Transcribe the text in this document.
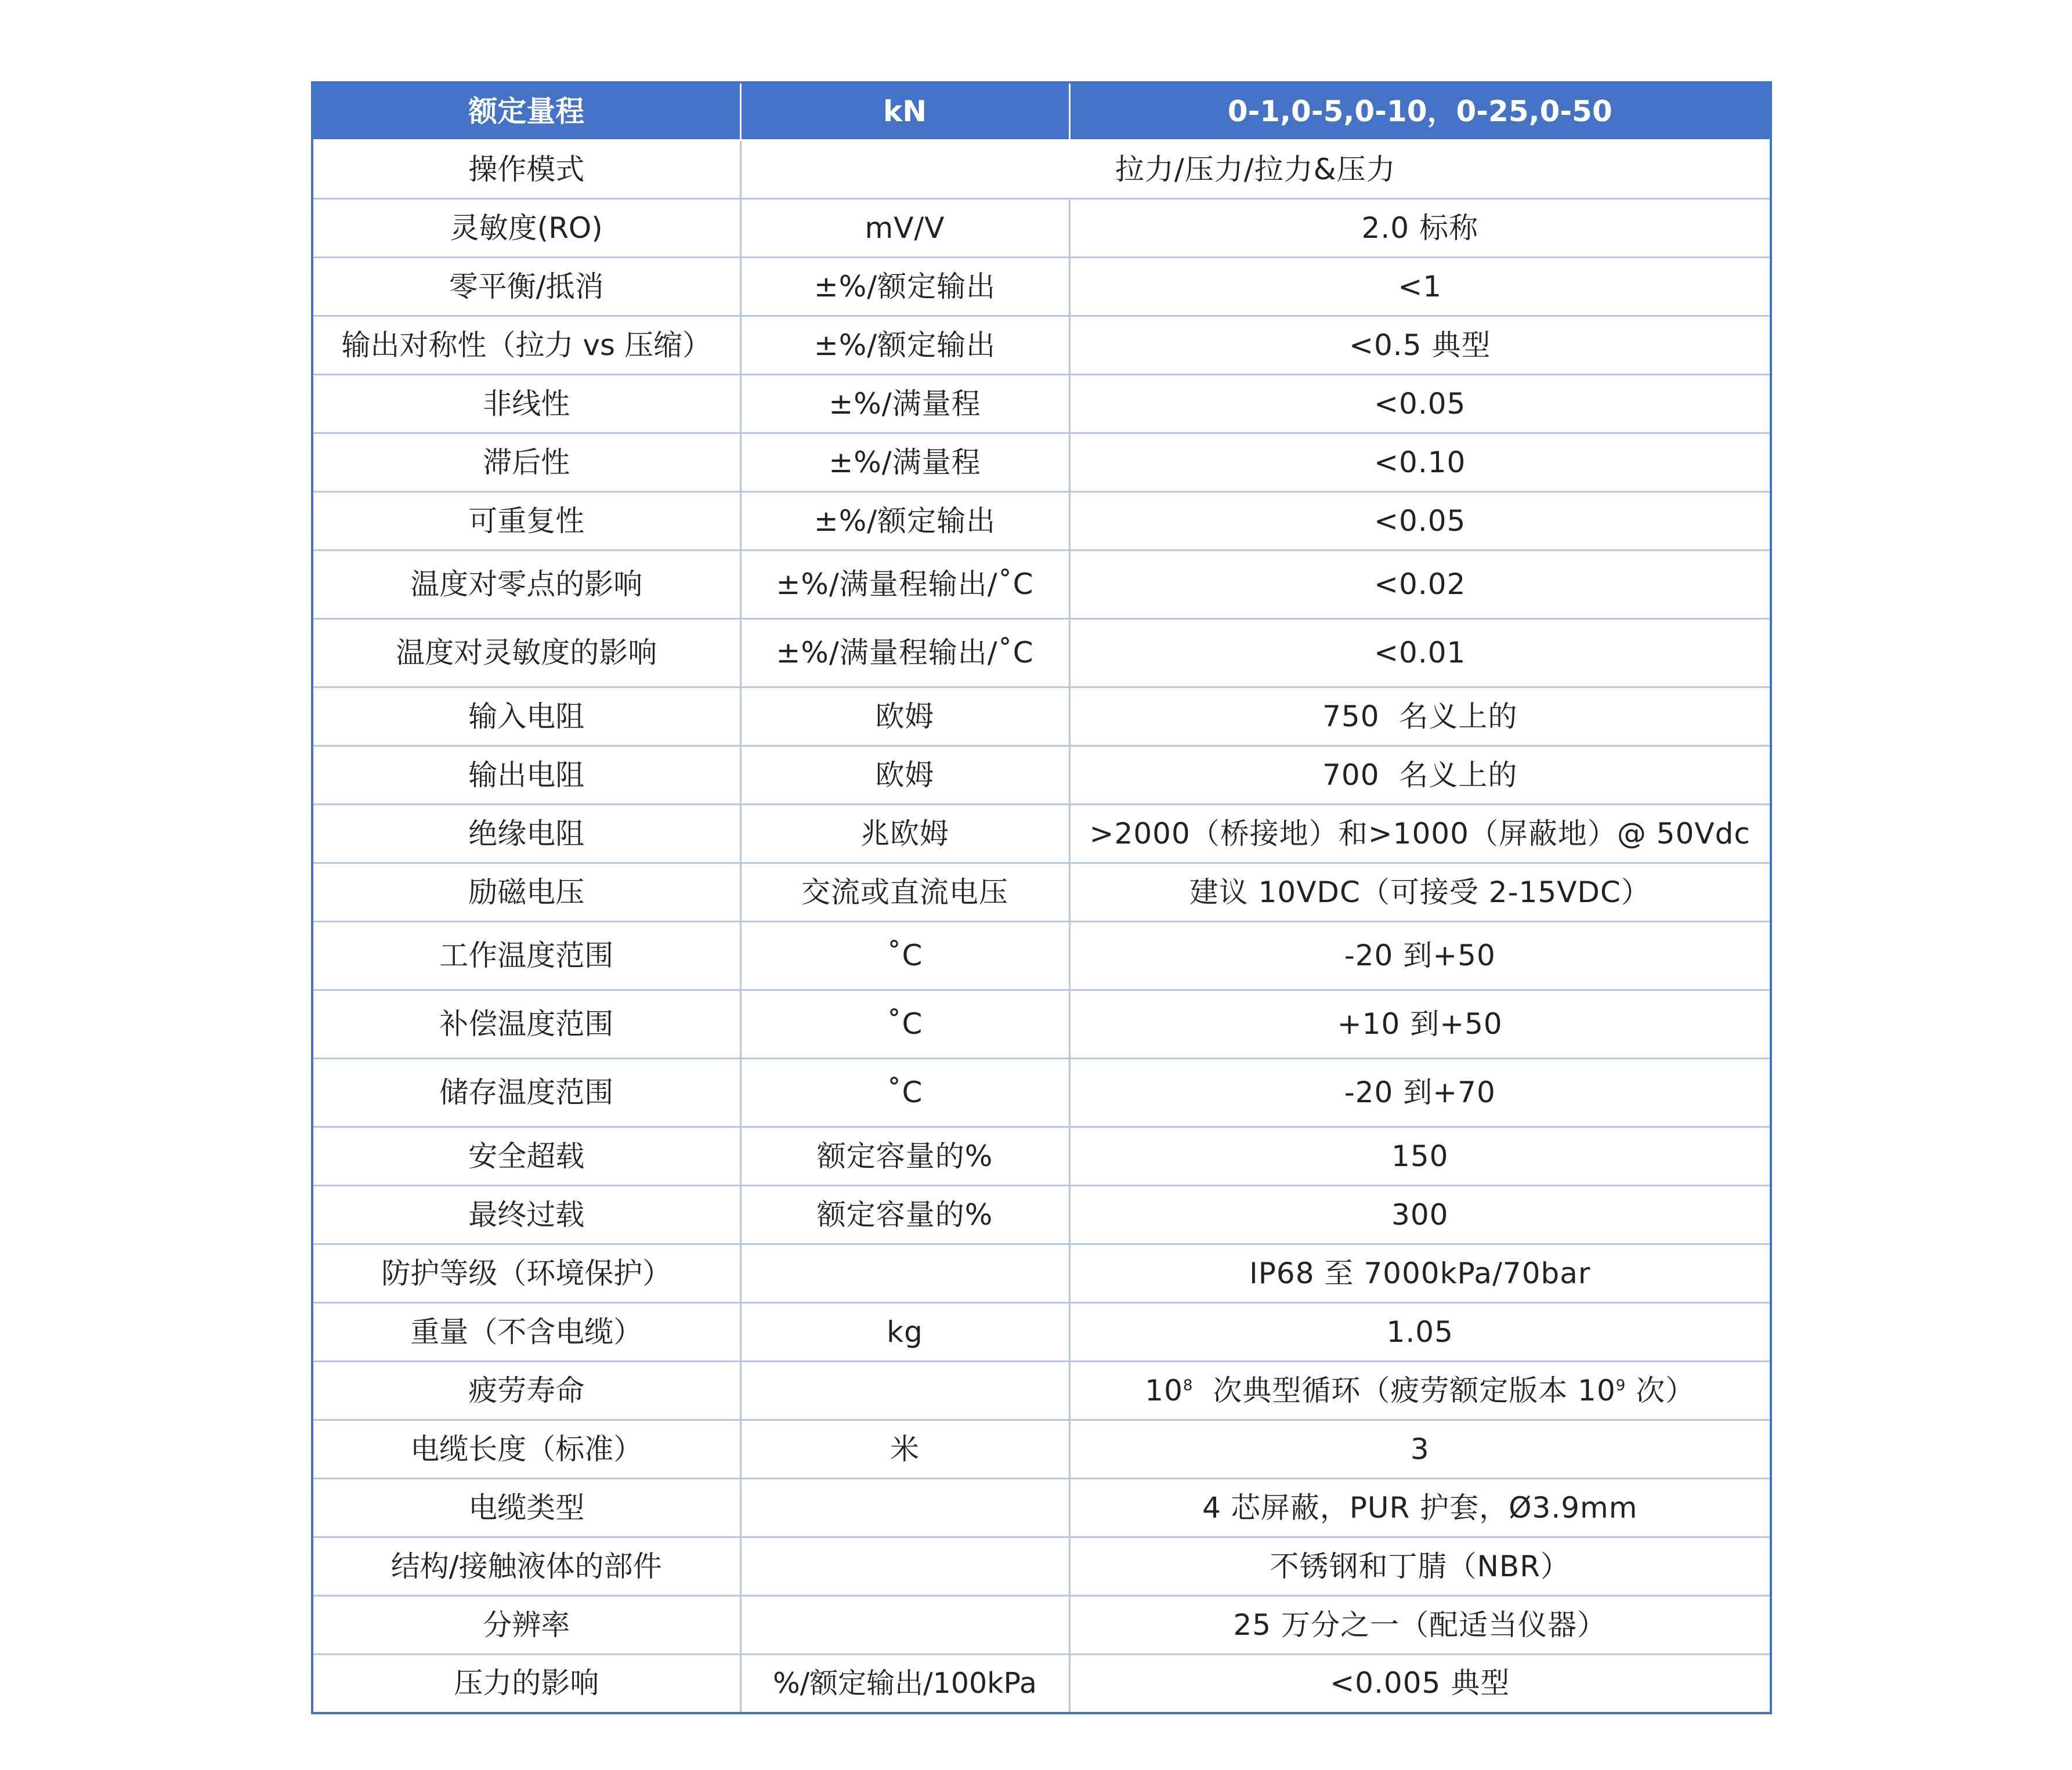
额定量程	kN	0-1,0-5,0-10，0-25,0-50
操作模式	拉力/压力/拉力&压力	
灵敏度(RO)	mV/V	2.0 标称
零平衡/抵消	±%/额定输出	<1
输出对称性（拉力 vs 压缩）	±%/额定输出	<0.5 典型
非线性	±%/满量程	<0.05
滞后性	±%/满量程	<0.10
可重复性	±%/额定输出	<0.05
温度对零点的影响	±%/满量程输出/˚C	<0.02
温度对灵敏度的影响	±%/满量程输出/˚C	<0.01
输入电阻	欧姆	750  名义上的
输出电阻	欧姆	700  名义上的
绝缘电阻	兆欧姆	>2000（桥接地）和>1000（屏蔽地）@ 50Vdc
励磁电压	交流或直流电压	建议 10VDC（可接受 2-15VDC）
工作温度范围	˚C	-20 到+50
补偿温度范围	˚C	+10 到+50
储存温度范围	˚C	-20 到+70
安全超载	额定容量的%	150
最终过载	额定容量的%	300
防护等级（环境保护）		IP68 至 7000kPa/70bar
重量（不含电缆）	kg	1.05
疲劳寿命		$10^8$  次典型循环（疲劳额定版本 $10^9$ 次）
电缆长度（标准）	米	3
电缆类型		4 芯屏蔽，PUR 护套，Ø3.9mm
结构/接触液体的部件		不锈钢和丁腈（NBR）
分辨率		25 万分之一（配适当仪器）
压力的影响	%/额定输出/100kPa	<0.005 典型
